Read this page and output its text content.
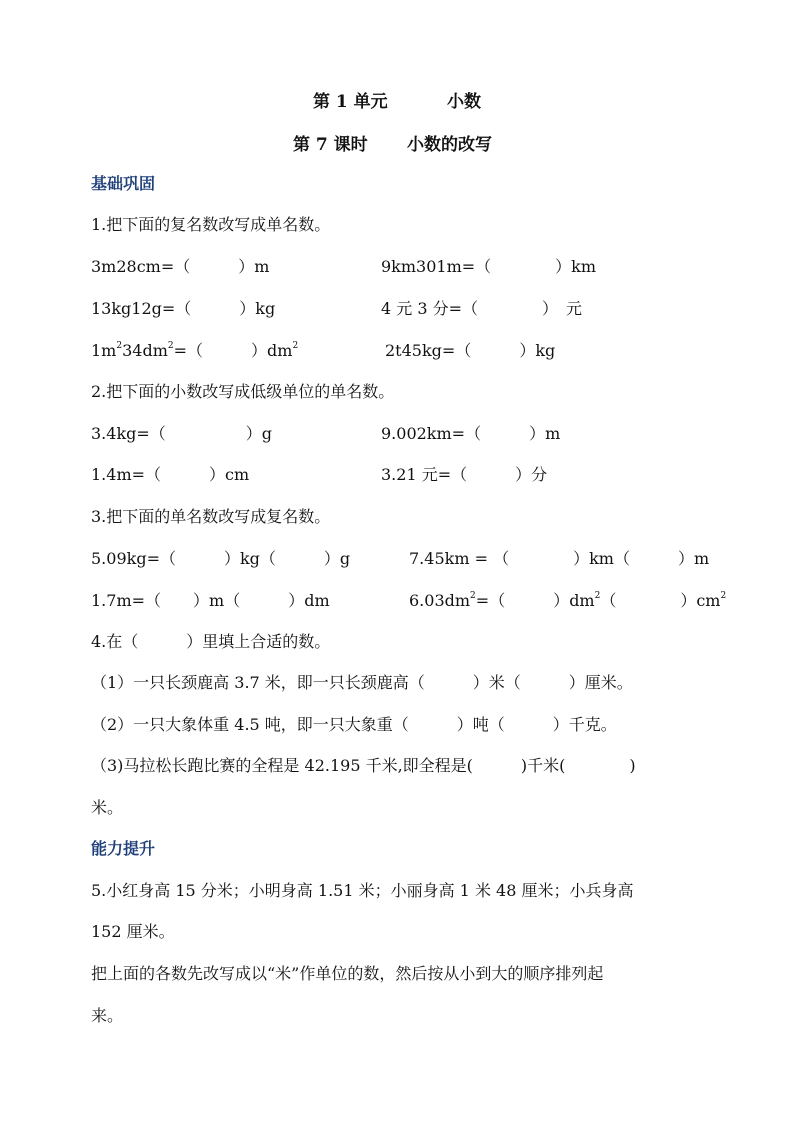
第 1 单元	小数
第 7 课时 小数的改写
基础巩固
1.把下面的复名数改写成单名数。
3m28cm=（　　　）m	9km301m=（　　　　）km
13kg12g=（　　　）kg	4 元 3 分=（　　　　）　元
$1m^234dm^2=$（　　　）$dm^2$	2t45kg=（　　　）kg
2.把下面的小数改写成低级单位的单名数。
3.4kg=（　　　　　）g	9.002km=（　　　）m
1.4m=（　　　）cm	3.21 元=（　　　）分
3.把下面的单名数改写成复名数。
5.09kg=（　　　）kg（　　　）g	7.45km = （　　　　）km（　　　）m
1.7m=（　　）m（　　　）dm	$6.03dm^2=$（　　　）$dm^2$（　　　　）$cm^2$
4.在（　　　）里填上合适的数。
（1）一只长颈鹿高 3.7 米，即一只长颈鹿高（　　　）米（　　　）厘米。
（2）一只大象体重 4.5 吨，即一只大象重（　　　）吨（　　　）千克。
（3)马拉松长跑比赛的全程是 42.195 千米,即全程是(　　　)千米(　　　　)
米。
能力提升
5.小红身高 15 分米；小明身高 1.51 米；小丽身高 1 米 48 厘米；小兵身高
152 厘米。
把上面的各数先改写成以“米”作单位的数，然后按从小到大的顺序排列起
来。
